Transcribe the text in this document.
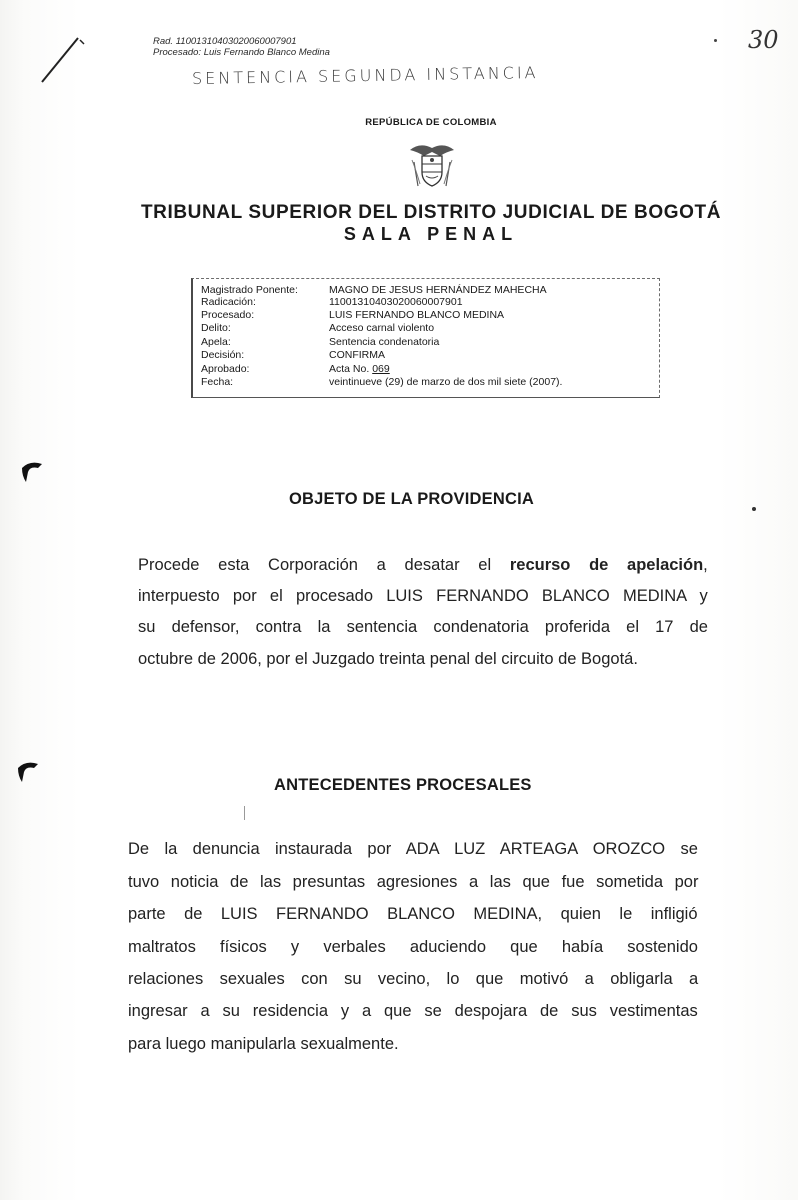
Rad. 11001310403020060007901
Procesado: Luis Fernando Blanco Medina
SENTENCIA SEGUNDA INSTANCIA
30
REPÚBLICA DE COLOMBIA
TRIBUNAL SUPERIOR DEL DISTRITO JUDICIAL DE BOGOTÁ
SALA PENAL
Magistrado Ponente:	MAGNO DE JESUS HERNÁNDEZ MAHECHA
Radicación:	11001310403020060007901
Procesado:	LUIS FERNANDO BLANCO MEDINA
Delito:	Acceso carnal violento
Apela:	Sentencia condenatoria
Decisión:	CONFIRMA
Aprobado:	Acta No. 069
Fecha:	veintinueve (29) de marzo de dos mil siete (2007).
OBJETO DE LA PROVIDENCIA
Procede esta Corporación a desatar el recurso de apelación,
interpuesto por el procesado LUIS FERNANDO BLANCO MEDINA y
su defensor, contra la sentencia condenatoria proferida el 17 de
octubre de 2006, por el Juzgado treinta penal del circuito de Bogotá.
ANTECEDENTES PROCESALES
De la denuncia instaurada por ADA LUZ ARTEAGA OROZCO se
tuvo noticia de las presuntas agresiones a las que fue sometida por
parte de LUIS FERNANDO BLANCO MEDINA, quien le infligió
maltratos físicos y verbales aduciendo que había sostenido
relaciones sexuales con su vecino, lo que motivó a obligarla a
ingresar a su residencia y a que se despojara de sus vestimentas
para luego manipularla sexualmente.
